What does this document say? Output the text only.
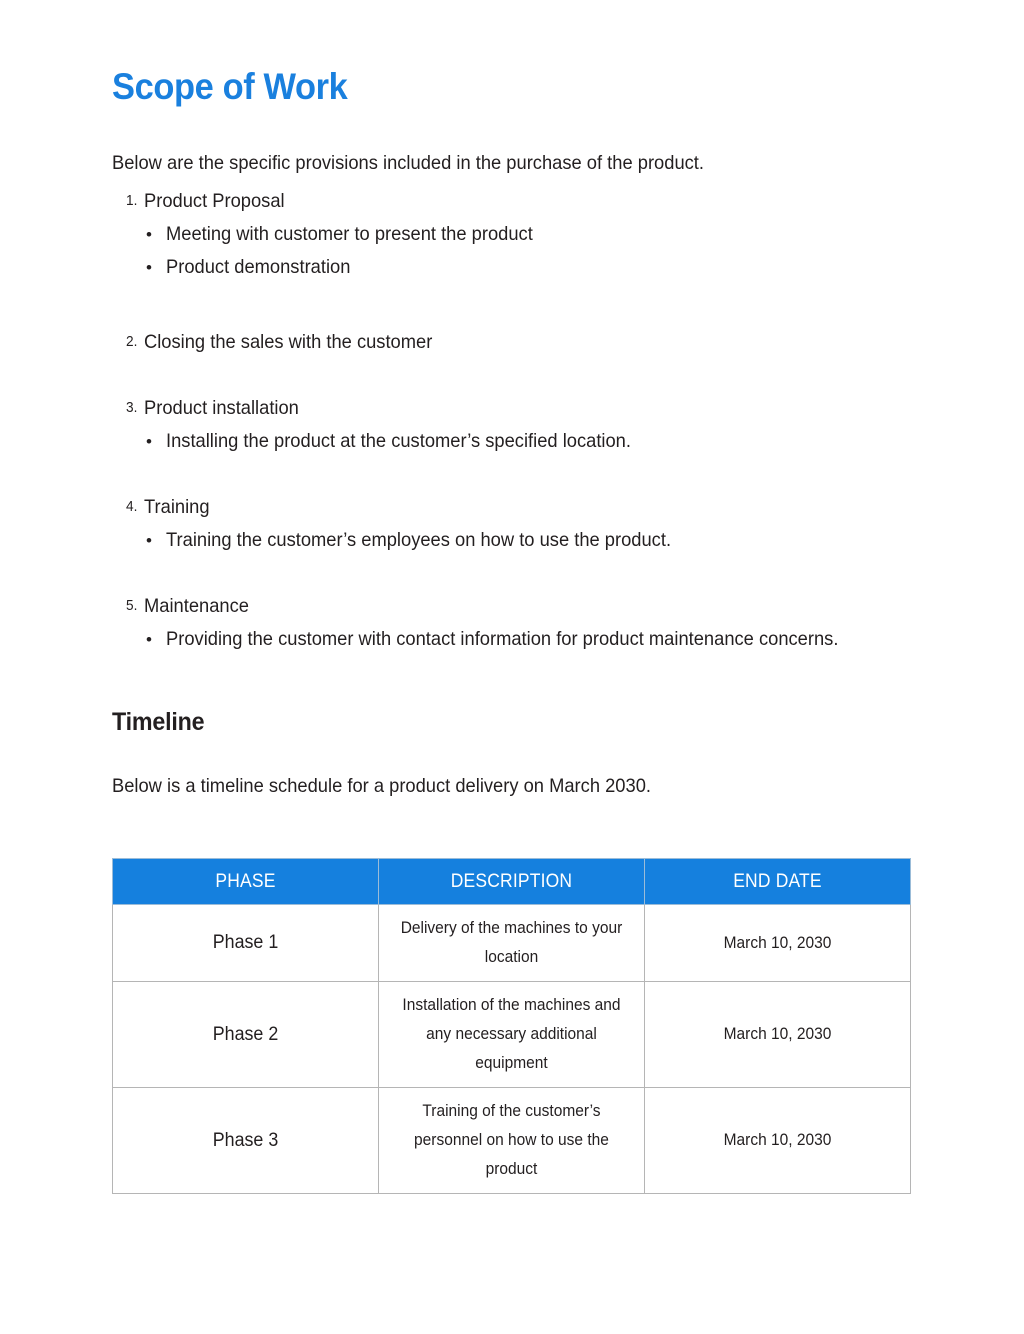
Scope of Work

Below are the specific provisions included in the purchase of the product.

1. Product Proposal
• Meeting with customer to present the product
• Product demonstration
2. Closing the sales with the customer
3. Product installation
• Installing the product at the customer’s specified location.
4. Training
• Training the customer’s employees on how to use the product.
5. Maintenance
• Providing the customer with contact information for product maintenance concerns.
Timeline

Below is a timeline schedule for a product delivery on March 2030.

PHASE	DESCRIPTION	END DATE

Phase 1	Delivery of the machines to your location	March 10, 2030

Phase 2	Installation of the machines and any necessary additional equipment	March 10, 2030

Phase 3	Training of the customer’s personnel on how to use the product	March 10, 2030
